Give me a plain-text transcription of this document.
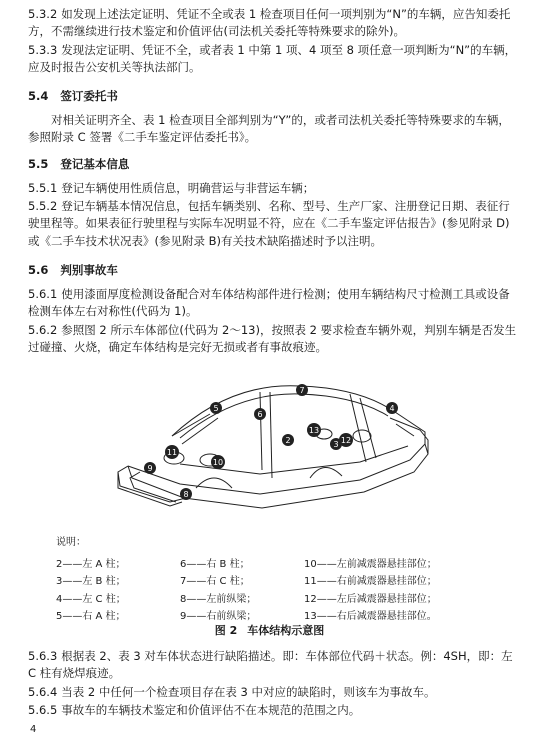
5.3.2 如发现上述法定证明、凭证不全或表 1 检查项目任何一项判别为“N”的车辆，应告知委托方，不需继续进行技术鉴定和价值评估(司法机关委托等特殊要求的除外)。

5.3.3 发现法定证明、凭证不全，或者表 1 中第 1 项、4 项至 8 项任意一项判断为“N”的车辆，应及时报告公安机关等执法部门。

5.4 签订委托书

对相关证明齐全、表 1 检查项目全部判别为“Y”的，或者司法机关委托等特殊要求的车辆，参照附录 C 签署《二手车鉴定评估委托书》。

5.5 登记基本信息

5.5.1 登记车辆使用性质信息，明确营运与非营运车辆；

5.5.2 登记车辆基本情况信息，包括车辆类别、名称、型号、生产厂家、注册登记日期、表征行驶里程等。如果表征行驶里程与实际车况明显不符，应在《二手车鉴定评估报告》(参见附录 D)或《二手车技术状况表》(参见附录 B)有关技术缺陷描述时予以注明。

5.6 判别事故车

5.6.1 使用漆面厚度检测设备配合对车体结构部件进行检测；使用车辆结构尺寸检测工具或设备检测车体左右对称性(代码为 1)。

5.6.2 参照图 2 所示车体部位(代码为 2～13)，按照表 2 要求检查车辆外观，判别车辆是否发生过碰撞、火烧，确定车体结构是完好无损或者有事故痕迹。

2	3
4
5
6
7
8
9
10
11
12
13

说明：

2——左 A 柱；	6——右 B 柱；	10——左前减震器悬挂部位；
3——左 B 柱；	7——右 C 柱；	11——右前减震器悬挂部位；
4——左 C 柱；	8——左前纵梁；	12——左后减震器悬挂部位；
5——右 A 柱；	9——右前纵梁；	13——右后减震器悬挂部位。
图 2 车体结构示意图

5.6.3 根据表 2、表 3 对车体状态进行缺陷描述。即：车体部位代码＋状态。例：4SH，即：左 C 柱有烧焊痕迹。

5.6.4 当表 2 中任何一个检查项目存在表 3 中对应的缺陷时，则该车为事故车。

5.6.5 事故车的车辆技术鉴定和价值评估不在本规范的范围之内。

4
